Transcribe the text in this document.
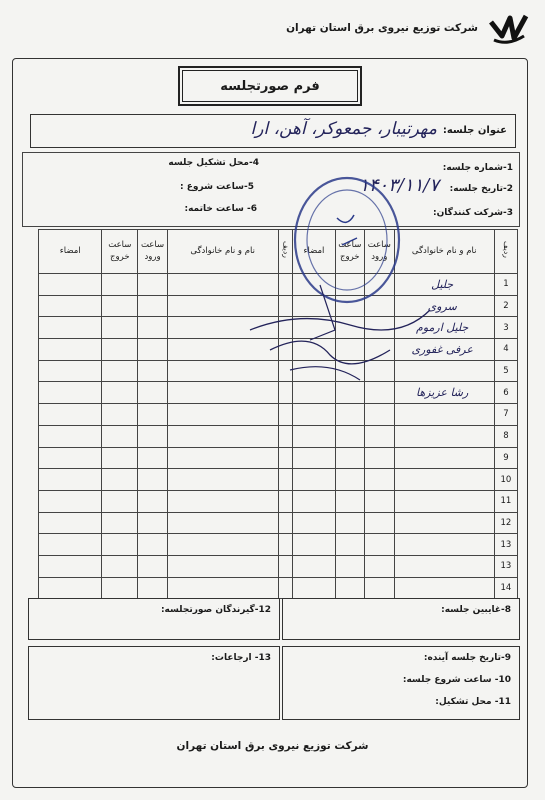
شرکت توزیع نیروی برق استان تهران
فرم صورتجلسه
عنوان جلسه:
مهرتیبار، جمعوکر، آهن، ارا
1-شماره جلسه:
2-تاریخ جلسه:
۱۴۰۳/۱۱/۷
3-شرکت کنندگان:
4-محل تشکیل جلسه
5-ساعت شروع :
6- ساعت خاتمه:
ردیف	نام و نام خانوادگی	ساعت ورود	ساعت خروج	امضاء	ردیف	نام و نام خانوادگی	ساعت ورود	ساعت خروج	امضاء
1	جلیل								
2	سروی								
3	جلیل ارموم								
4	عرفی غفوری								
5									
6	رشا عزیزها								
7									
8									
9									
10									
11									
12									
13									
13									
14									
8-غایبین جلسه:
12-گیرندگان صورتجلسه:
9-تاریخ جلسه آینده:
10- ساعت شروع جلسه:
11- محل تشکیل:
13- ارجاعات:
شرکت توزیع نیروی برق استان تهران
